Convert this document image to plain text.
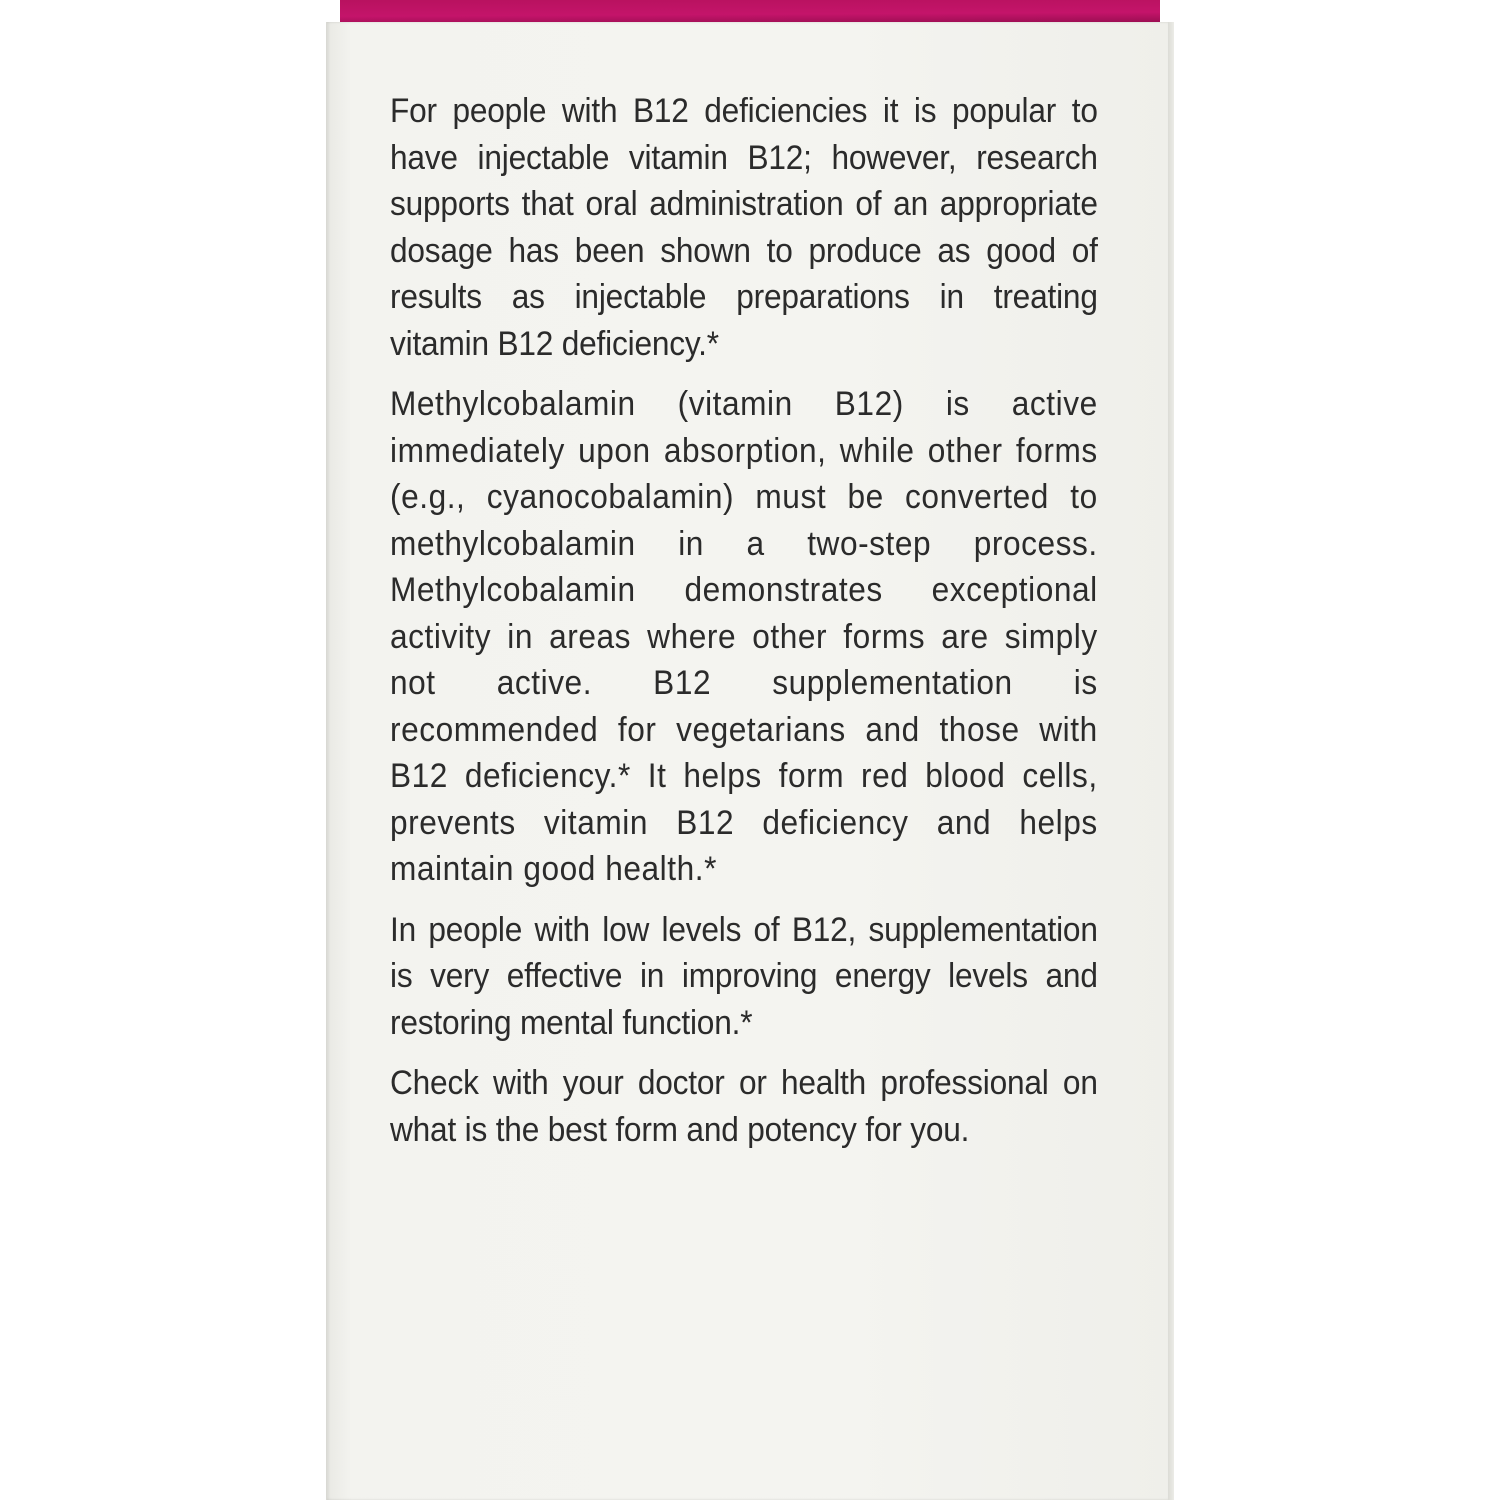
For people with B12 deficiencies it is popular to have injectable vitamin B12; however, research supports that oral administration of an appropriate dosage has been shown to produce as good of results as injectable preparations in treating vitamin B12 deficiency.*

Methylcobalamin (vitamin B12) is active immediately upon absorption, while other forms (e.g., cyanocobalamin) must be converted to methylcobalamin in a two-step process. Methylcobalamin demonstrates exceptional activity in areas where other forms are simply not active. B12 supplementation is recommended for vegetarians and those with B12 deficiency.* It helps form red blood cells, prevents vitamin B12 deficiency and helps maintain good health.*

In people with low levels of B12, supplementation is very effective in improving energy levels and restoring mental function.*

Check with your doctor or health professional on what is the best form and potency for you.
